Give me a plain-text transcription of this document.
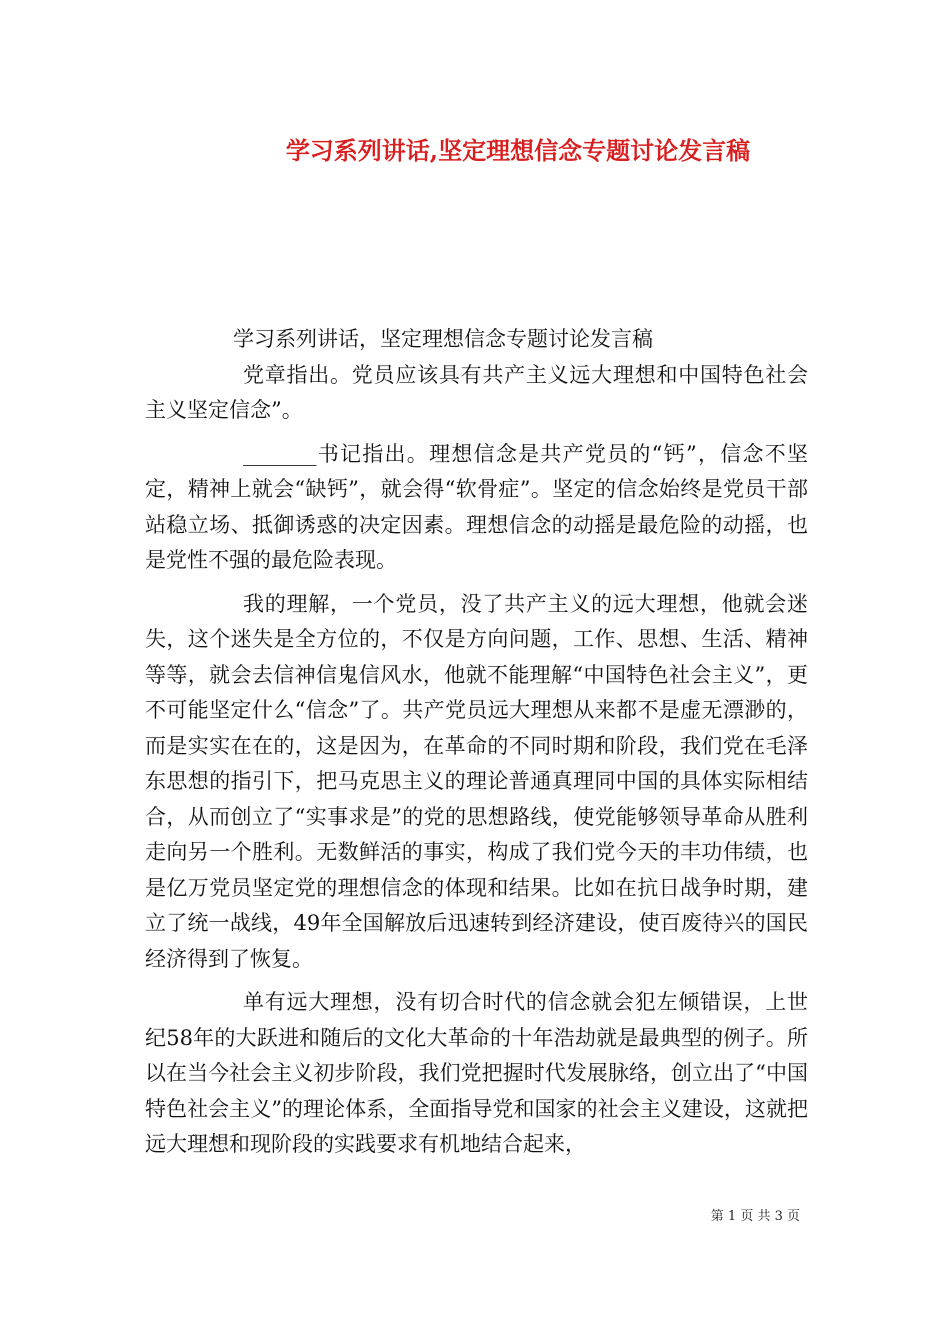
学习系列讲话,坚定理想信念专题讨论发言稿

学习系列讲话，坚定理想信念专题讨论发言稿

党章指出。党员应该具有共产主义远大理想和中国特色社会主义坚定信念”。

_______书记指出。理想信念是共产党员的“钙”，信念不坚定，精神上就会“缺钙”，就会得“软骨症”。坚定的信念始终是党员干部站稳立场、抵御诱惑的决定因素。理想信念的动摇是最危险的动摇，也是党性不强的最危险表现。

我的理解，一个党员，没了共产主义的远大理想，他就会迷失，这个迷失是全方位的，不仅是方向问题，工作、思想、生活、精神等等，就会去信神信鬼信风水，他就不能理解“中国特色社会主义”，更不可能坚定什么“信念”了。共产党员远大理想从来都不是虚无漂渺的，而是实实在在的，这是因为，在革命的不同时期和阶段，我们党在毛泽东思想的指引下，把马克思主义的理论普通真理同中国的具体实际相结合，从而创立了“实事求是”的党的思想路线，使党能够领导革命从胜利走向另一个胜利。无数鲜活的事实，构成了我们党今天的丰功伟绩，也是亿万党员坚定党的理想信念的体现和结果。比如在抗日战争时期，建立了统一战线，49年全国解放后迅速转到经济建设，使百废待兴的国民经济得到了恢复。

单有远大理想，没有切合时代的信念就会犯左倾错误，上世纪58年的大跃进和随后的文化大革命的十年浩劫就是最典型的例子。所以在当今社会主义初步阶段，我们党把握时代发展脉络，创立出了“中国特色社会主义”的理论体系，全面指导党和国家的社会主义建设，这就把远大理想和现阶段的实践要求有机地结合起来，

第 1 页 共 3 页
